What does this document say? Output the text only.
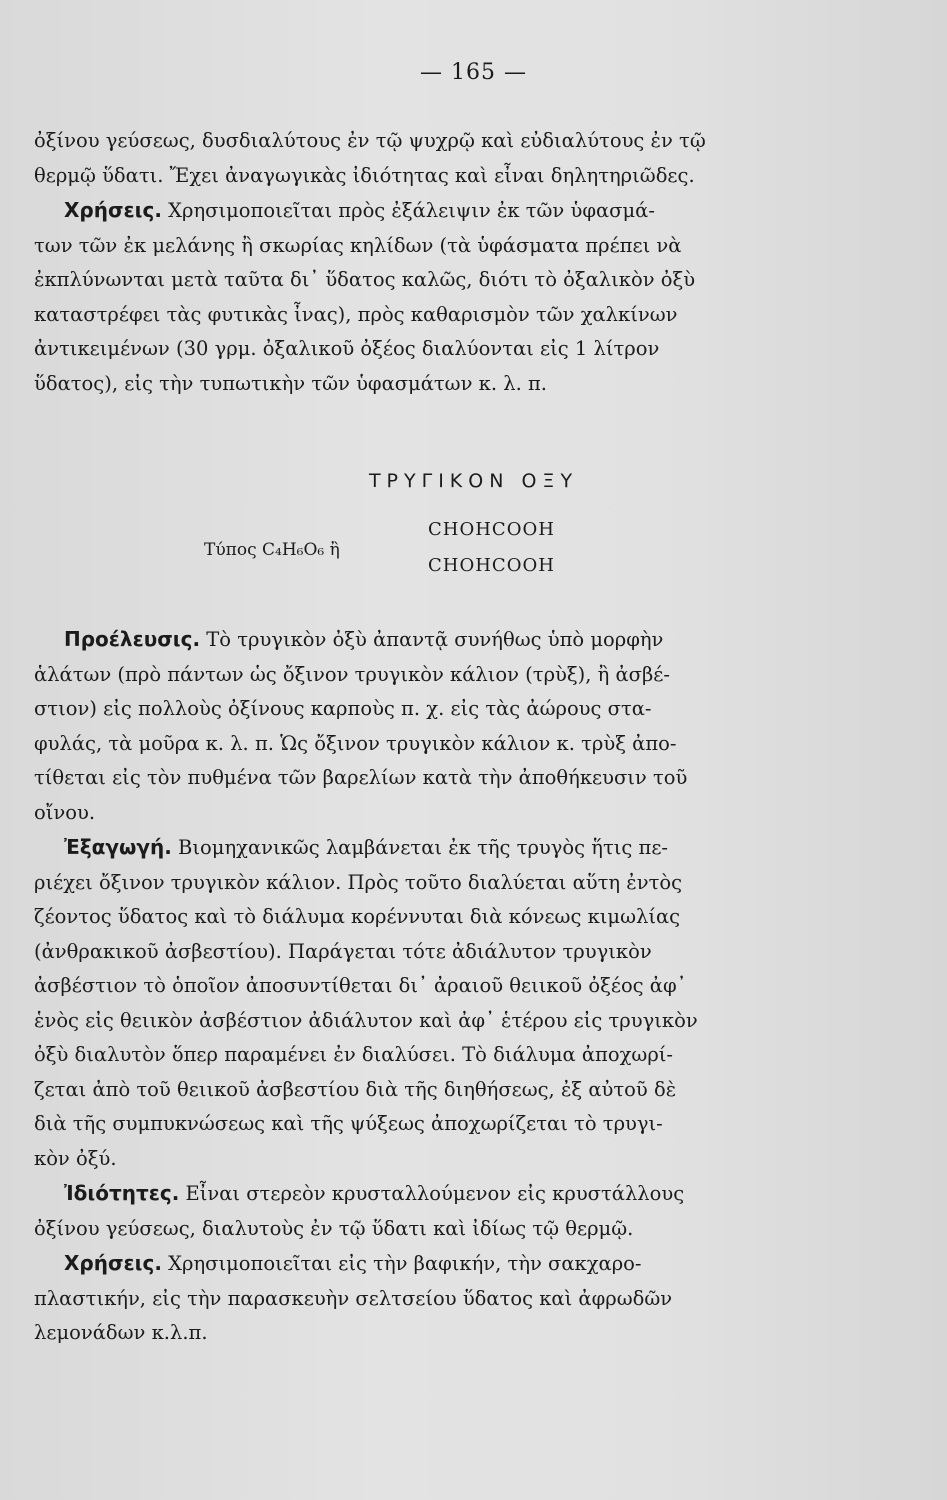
— 165 —
ὀξίνου γεύσεως, δυσδιαλύτους ἐν τῷ ψυχρῷ καὶ εὐδιαλύτους ἐν τῷ
θερμῷ ὕδατι. Ἔχει ἀναγωγικὰς ἰδιότητας καὶ εἶναι δηλητηριῶδες.
Χρήσεις. Χρησιμοποιεῖται πρὸς ἐξάλειψιν ἐκ τῶν ὑφασμά-
των τῶν ἐκ μελάνης ἢ σκωρίας κηλίδων (τὰ ὑφάσματα πρέπει νὰ
ἐκπλύνωνται μετὰ ταῦτα δι᾽ ὕδατος καλῶς, διότι τὸ ὀξαλικὸν ὀξὺ
καταστρέφει τὰς φυτικὰς ἶνας), πρὸς καθαρισμὸν τῶν χαλκίνων
ἀντικειμένων (30 γρμ. ὀξαλικοῦ ὀξέος διαλύονται εἰς 1 λίτρον
ὕδατος), εἰς τὴν τυπωτικὴν τῶν ὑφασμάτων κ. λ. π.
ΤΡΥΓΙΚΟΝ ΟΞΥ
Τύπος C₄H₆O₆ ἢ
CHOHCOOH
CHOHCOOH
Προέλευσις. Τὸ τρυγικὸν ὀξὺ ἀπαντᾷ συνήθως ὑπὸ μορφὴν
ἁλάτων (πρὸ πάντων ὡς ὄξινον τρυγικὸν κάλιον (τρὺξ), ἢ ἀσβέ-
στιον) εἰς πολλοὺς ὀξίνους καρποὺς π. χ. εἰς τὰς ἀώρους στα-
φυλάς, τὰ μοῦρα κ. λ. π. Ὡς ὄξινον τρυγικὸν κάλιον κ. τρὺξ ἀπο-
τίθεται εἰς τὸν πυθμένα τῶν βαρελίων κατὰ τὴν ἀποθήκευσιν τοῦ
οἴνου.
Ἐξαγωγή. Βιομηχανικῶς λαμβάνεται ἐκ τῆς τρυγὸς ἥτις πε-
ριέχει ὄξινον τρυγικὸν κάλιον. Πρὸς τοῦτο διαλύεται αὕτη ἐντὸς
ζέοντος ὕδατος καὶ τὸ διάλυμα κορέννυται διὰ κόνεως κιμωλίας
(ἀνθρακικοῦ ἀσβεστίου). Παράγεται τότε ἀδιάλυτον τρυγικὸν
ἀσβέστιον τὸ ὁποῖον ἀποσυντίθεται δι᾽ ἀραιοῦ θειικοῦ ὀξέος ἀφ᾽
ἑνὸς εἰς θειικὸν ἀσβέστιον ἀδιάλυτον καὶ ἀφ᾽ ἑτέρου εἰς τρυγικὸν
ὀξὺ διαλυτὸν ὅπερ παραμένει ἐν διαλύσει. Τὸ διάλυμα ἀποχωρί-
ζεται ἀπὸ τοῦ θειικοῦ ἀσβεστίου διὰ τῆς διηθήσεως, ἐξ αὐτοῦ δὲ
διὰ τῆς συμπυκνώσεως καὶ τῆς ψύξεως ἀποχωρίζεται τὸ τρυγι-
κὸν ὀξύ.
Ἰδιότητες. Εἶναι στερεὸν κρυσταλλούμενον εἰς κρυστάλλους
ὀξίνου γεύσεως, διαλυτοὺς ἐν τῷ ὕδατι καὶ ἰδίως τῷ θερμῷ.
Χρήσεις. Χρησιμοποιεῖται εἰς τὴν βαφικήν, τὴν σακχαρο-
πλαστικήν, εἰς τὴν παρασκευὴν σελτσείου ὕδατος καὶ ἀφρωδῶν
λεμονάδων κ.λ.π.
